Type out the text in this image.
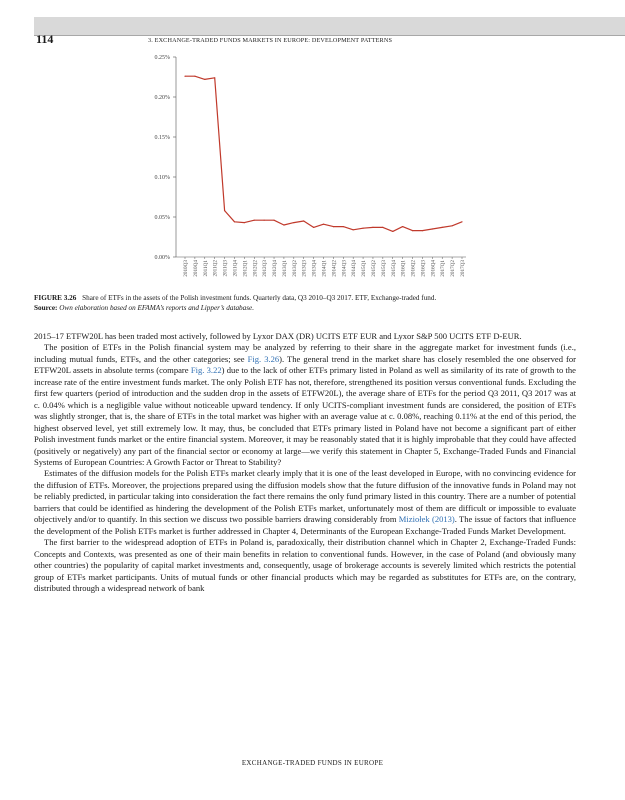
114	3. EXCHANGE-TRADED FUNDS MARKETS IN EUROPE: DEVELOPMENT PATTERNS
0.00%
0.05%
0.10%
0.15%
0.20%
0.25%
2010Q3 2010Q4 2011Q1 2011Q2 2011Q3 2011Q4 2012Q1 2012Q2 2012Q3 2012Q4 2013Q1 2013Q2 2013Q3 2013Q4 2014Q1 2014Q2 2014Q3 2014Q4 2015Q1 2015Q2 2015Q3 2015Q4 2016Q1 2016Q2 2016Q3 2016Q4 2017Q1 2017Q2 2017Q3
FIGURE 3.26 Share of ETFs in the assets of the Polish investment funds. Quarterly data, Q3 2010–Q3 2017. ETF, Exchange-traded fund.
Source: Own elaboration based on EFAMA’s reports and Lipper’s database.

2015–17 ETFW20L has been traded most actively, followed by Lyxor DAX (DR) UCITS ETF EUR and Lyxor S&P 500 UCITS ETF D-EUR.

The position of ETFs in the Polish financial system may be analyzed by referring to their share in the aggregate market for investment funds (i.e., including mutual funds, ETFs, and the other categories; see Fig. 3.26). The general trend in the market share has closely resembled the one observed for ETFW20L assets in absolute terms (compare Fig. 3.22) due to the lack of other ETFs primary listed in Poland as well as similarity of its rate of growth to the increase rate of the entire investment funds market. The only Polish ETF has not, therefore, strengthened its position versus conventional funds. Excluding the first few quarters (period of introduction and the sudden drop in the assets of ETFW20L), the average share of ETFs for the period Q3 2011, Q3 2017 was at c. 0.04% which is a negligible value without noticeable upward tendency. If only UCITS-compliant investment funds are considered, the position of ETFs was slightly stronger, that is, the share of ETFs in the total market was higher with an average value at c. 0.08%, reaching 0.11% at the end of this period, the highest observed level, yet still extremely low. It may, thus, be concluded that ETFs primary listed in Poland have not become a significant part of either Polish investment funds market or the entire financial system. Moreover, it may be reasonably stated that it is highly improbable that they could have affected (positively or negatively) any part of the financial sector or economy at large—we verify this statement in Chapter 5, Exchange-Traded Funds and Financial Systems of European Countries: A Growth Factor or Threat to Stability?

Estimates of the diffusion models for the Polish ETFs market clearly imply that it is one of the least developed in Europe, with no convincing evidence for the diffusion of ETFs. Moreover, the projections prepared using the diffusion models show that the future diffusion of the innovative funds in Poland may not be reliably predicted, in particular taking into consideration the fact there remains the only fund primary listed in this country. There are a number of potential barriers that could be identified as hindering the development of the Polish ETFs market, unfortunately most of them are difficult or impossible to evaluate objectively and/or to quantify. In this section we discuss two possible barriers drawing considerably from Miziołek (2013). The issue of factors that influence the development of the Polish ETFs market is further addressed in Chapter 4, Determinants of the European Exchange-Traded Funds Market Development.

The first barrier to the widespread adoption of ETFs in Poland is, paradoxically, their distribution channel which in Chapter 2, Exchange-Traded Funds: Concepts and Contexts, was presented as one of their main benefits in relation to conventional funds. However, in the case of Poland (and obviously many other countries) the popularity of capital market investments and, consequently, usage of brokerage accounts is severely limited which restricts the potential group of ETFs market participants. Units of mutual funds or other financial products which may be regarded as substitutes for ETFs are, on the contrary, distributed through a widespread network of bank

EXCHANGE-TRADED FUNDS IN EUROPE
